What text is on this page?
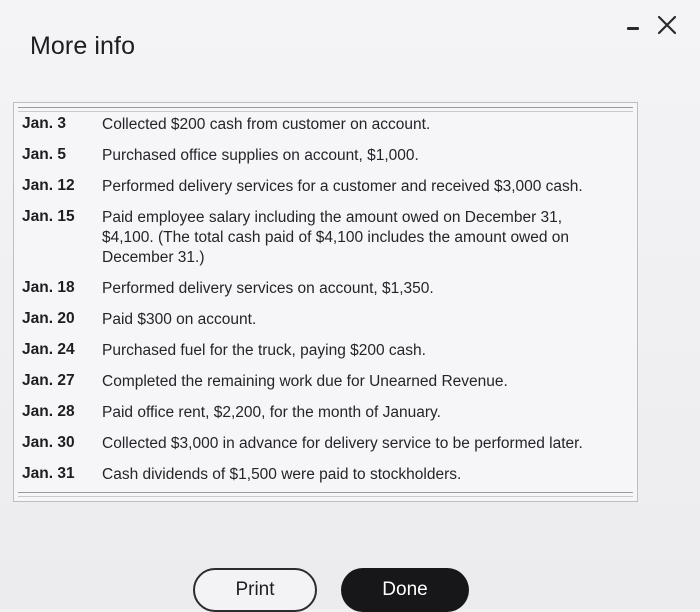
More info
Jan. 3	Collected $200 cash from customer on account.

Jan. 5	Purchased office supplies on account, $1,000.

Jan. 12	Performed delivery services for a customer and received $3,000 cash.

Jan. 15	Paid employee salary including the amount owed on December 31,
$4,100. (The total cash paid of $4,100 includes the amount owed on
December 31.)

Jan. 18	Performed delivery services on account, $1,350.

Jan. 20	Paid $300 on account.

Jan. 24	Purchased fuel for the truck, paying $200 cash.

Jan. 27	Completed the remaining work due for Unearned Revenue.

Jan. 28	Paid office rent, $2,200, for the month of January.

Jan. 30	Collected $3,000 in advance for delivery service to be performed later.

Jan. 31	Cash dividends of $1,500 were paid to stockholders.
Print	Done
